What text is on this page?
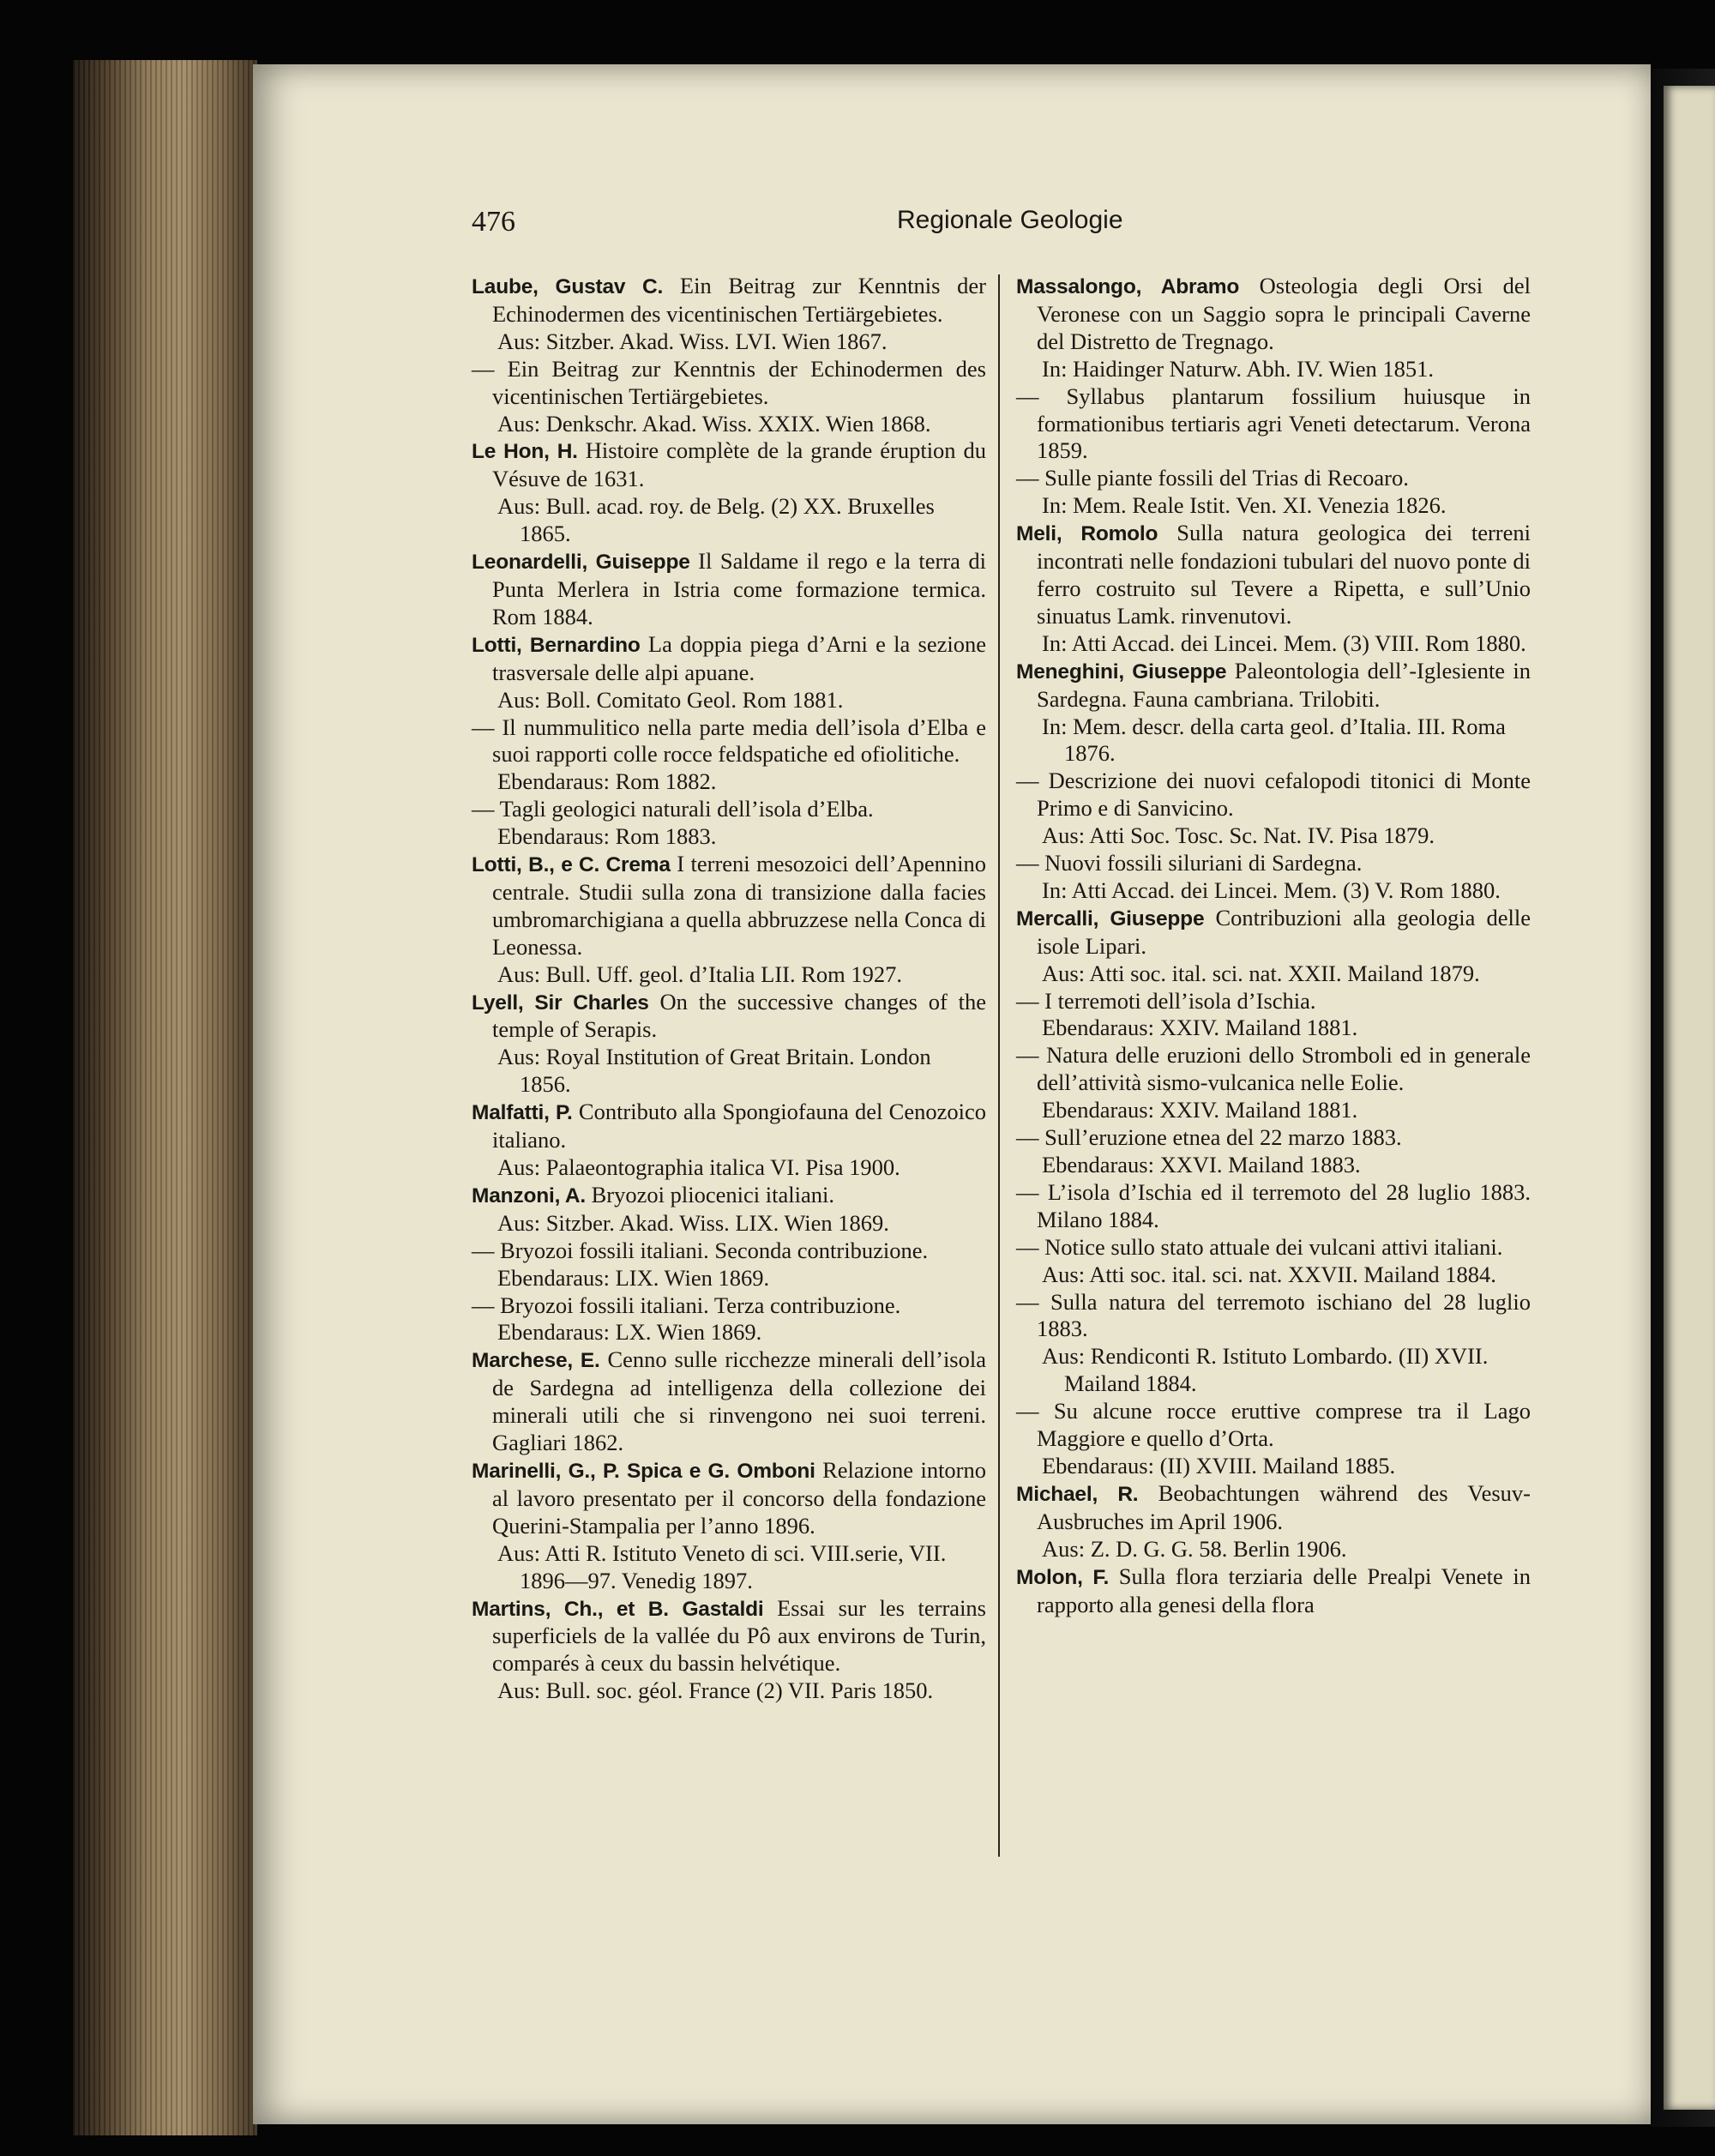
476	Regionale Geologie
Laube, Gustav C. Ein Beitrag zur Kenntnis der Echinodermen des vicentinischen Tertiärgebietes.
Aus: Sitzber. Akad. Wiss. LVI. Wien 1867.
— Ein Beitrag zur Kenntnis der Echinodermen des vicentinischen Tertiärgebietes.
Aus: Denkschr. Akad. Wiss. XXIX. Wien 1868.
Le Hon, H. Histoire complète de la grande éruption du Vésuve de 1631.
Aus: Bull. acad. roy. de Belg. (2) XX. Bruxelles 1865.
Leonardelli, Guiseppe Il Saldame il rego e la terra di Punta Merlera in Istria come formazione termica. Rom 1884.
Lotti, Bernardino La doppia piega d’Arni e la sezione trasversale delle alpi apuane.
Aus: Boll. Comitato Geol. Rom 1881.
— Il nummulitico nella parte media dell’isola d’Elba e suoi rapporti colle rocce feldspatiche ed ofiolitiche.
Ebendaraus: Rom 1882.
— Tagli geologici naturali dell’isola d’Elba.
Ebendaraus: Rom 1883.
Lotti, B., e C. Crema I terreni mesozoici dell’Apennino centrale. Studii sulla zona di transizione dalla facies umbromarchigiana a quella abbruzzese nella Conca di Leonessa.
Aus: Bull. Uff. geol. d’Italia LII. Rom 1927.
Lyell, Sir Charles On the successive changes of the temple of Serapis.
Aus: Royal Institution of Great Britain. London 1856.
Malfatti, P. Contributo alla Spongiofauna del Cenozoico italiano.
Aus: Palaeontographia italica VI. Pisa 1900.
Manzoni, A. Bryozoi pliocenici italiani.
Aus: Sitzber. Akad. Wiss. LIX. Wien 1869.
— Bryozoi fossili italiani. Seconda contribuzione.
Ebendaraus: LIX. Wien 1869.
— Bryozoi fossili italiani. Terza contribuzione.
Ebendaraus: LX. Wien 1869.
Marchese, E. Cenno sulle ricchezze minerali dell’isola de Sardegna ad intelligenza della collezione dei minerali utili che si rinvengono nei suoi terreni. Gagliari 1862.
Marinelli, G., P. Spica e G. Omboni Relazione intorno al lavoro presentato per il concorso della fondazione Querini-Stampalia per l’anno 1896.
Aus: Atti R. Istituto Veneto di sci. VIII.serie, VII. 1896—97. Venedig 1897.
Martins, Ch., et B. Gastaldi Essai sur les terrains superficiels de la vallée du Pô aux environs de Turin, comparés à ceux du bassin helvétique.
Aus: Bull. soc. géol. France (2) VII. Paris 1850.
Massalongo, Abramo Osteologia degli Orsi del Veronese con un Saggio sopra le principali Caverne del Distretto de Tregnago.
In: Haidinger Naturw. Abh. IV. Wien 1851.
— Syllabus plantarum fossilium huiusque in formationibus tertiaris agri Veneti detectarum. Verona 1859.
— Sulle piante fossili del Trias di Recoaro.
In: Mem. Reale Istit. Ven. XI. Venezia 1826.
Meli, Romolo Sulla natura geologica dei terreni incontrati nelle fondazioni tubulari del nuovo ponte di ferro costruito sul Tevere a Ripetta, e sull’Unio sinuatus Lamk. rinvenutovi.
In: Atti Accad. dei Lincei. Mem. (3) VIII. Rom 1880.
Meneghini, Giuseppe Paleontologia dell’-Iglesiente in Sardegna. Fauna cambriana. Trilobiti.
In: Mem. descr. della carta geol. d’Italia. III. Roma 1876.
— Descrizione dei nuovi cefalopodi titonici di Monte Primo e di Sanvicino.
Aus: Atti Soc. Tosc. Sc. Nat. IV. Pisa 1879.
— Nuovi fossili siluriani di Sardegna.
In: Atti Accad. dei Lincei. Mem. (3) V. Rom 1880.
Mercalli, Giuseppe Contribuzioni alla geologia delle isole Lipari.
Aus: Atti soc. ital. sci. nat. XXII. Mailand 1879.
— I terremoti dell’isola d’Ischia.
Ebendaraus: XXIV. Mailand 1881.
— Natura delle eruzioni dello Stromboli ed in generale dell’attività sismo-vulcanica nelle Eolie.
Ebendaraus: XXIV. Mailand 1881.
— Sull’eruzione etnea del 22 marzo 1883.
Ebendaraus: XXVI. Mailand 1883.
— L’isola d’Ischia ed il terremoto del 28 luglio 1883. Milano 1884.
— Notice sullo stato attuale dei vulcani attivi italiani.
Aus: Atti soc. ital. sci. nat. XXVII. Mailand 1884.
— Sulla natura del terremoto ischiano del 28 luglio 1883.
Aus: Rendiconti R. Istituto Lombardo. (II) XVII. Mailand 1884.
— Su alcune rocce eruttive comprese tra il Lago Maggiore e quello d’Orta.
Ebendaraus: (II) XVIII. Mailand 1885.
Michael, R. Beobachtungen während des Vesuv-Ausbruches im April 1906.
Aus: Z. D. G. G. 58. Berlin 1906.
Molon, F. Sulla flora terziaria delle Prealpi Venete in rapporto alla genesi della flora
